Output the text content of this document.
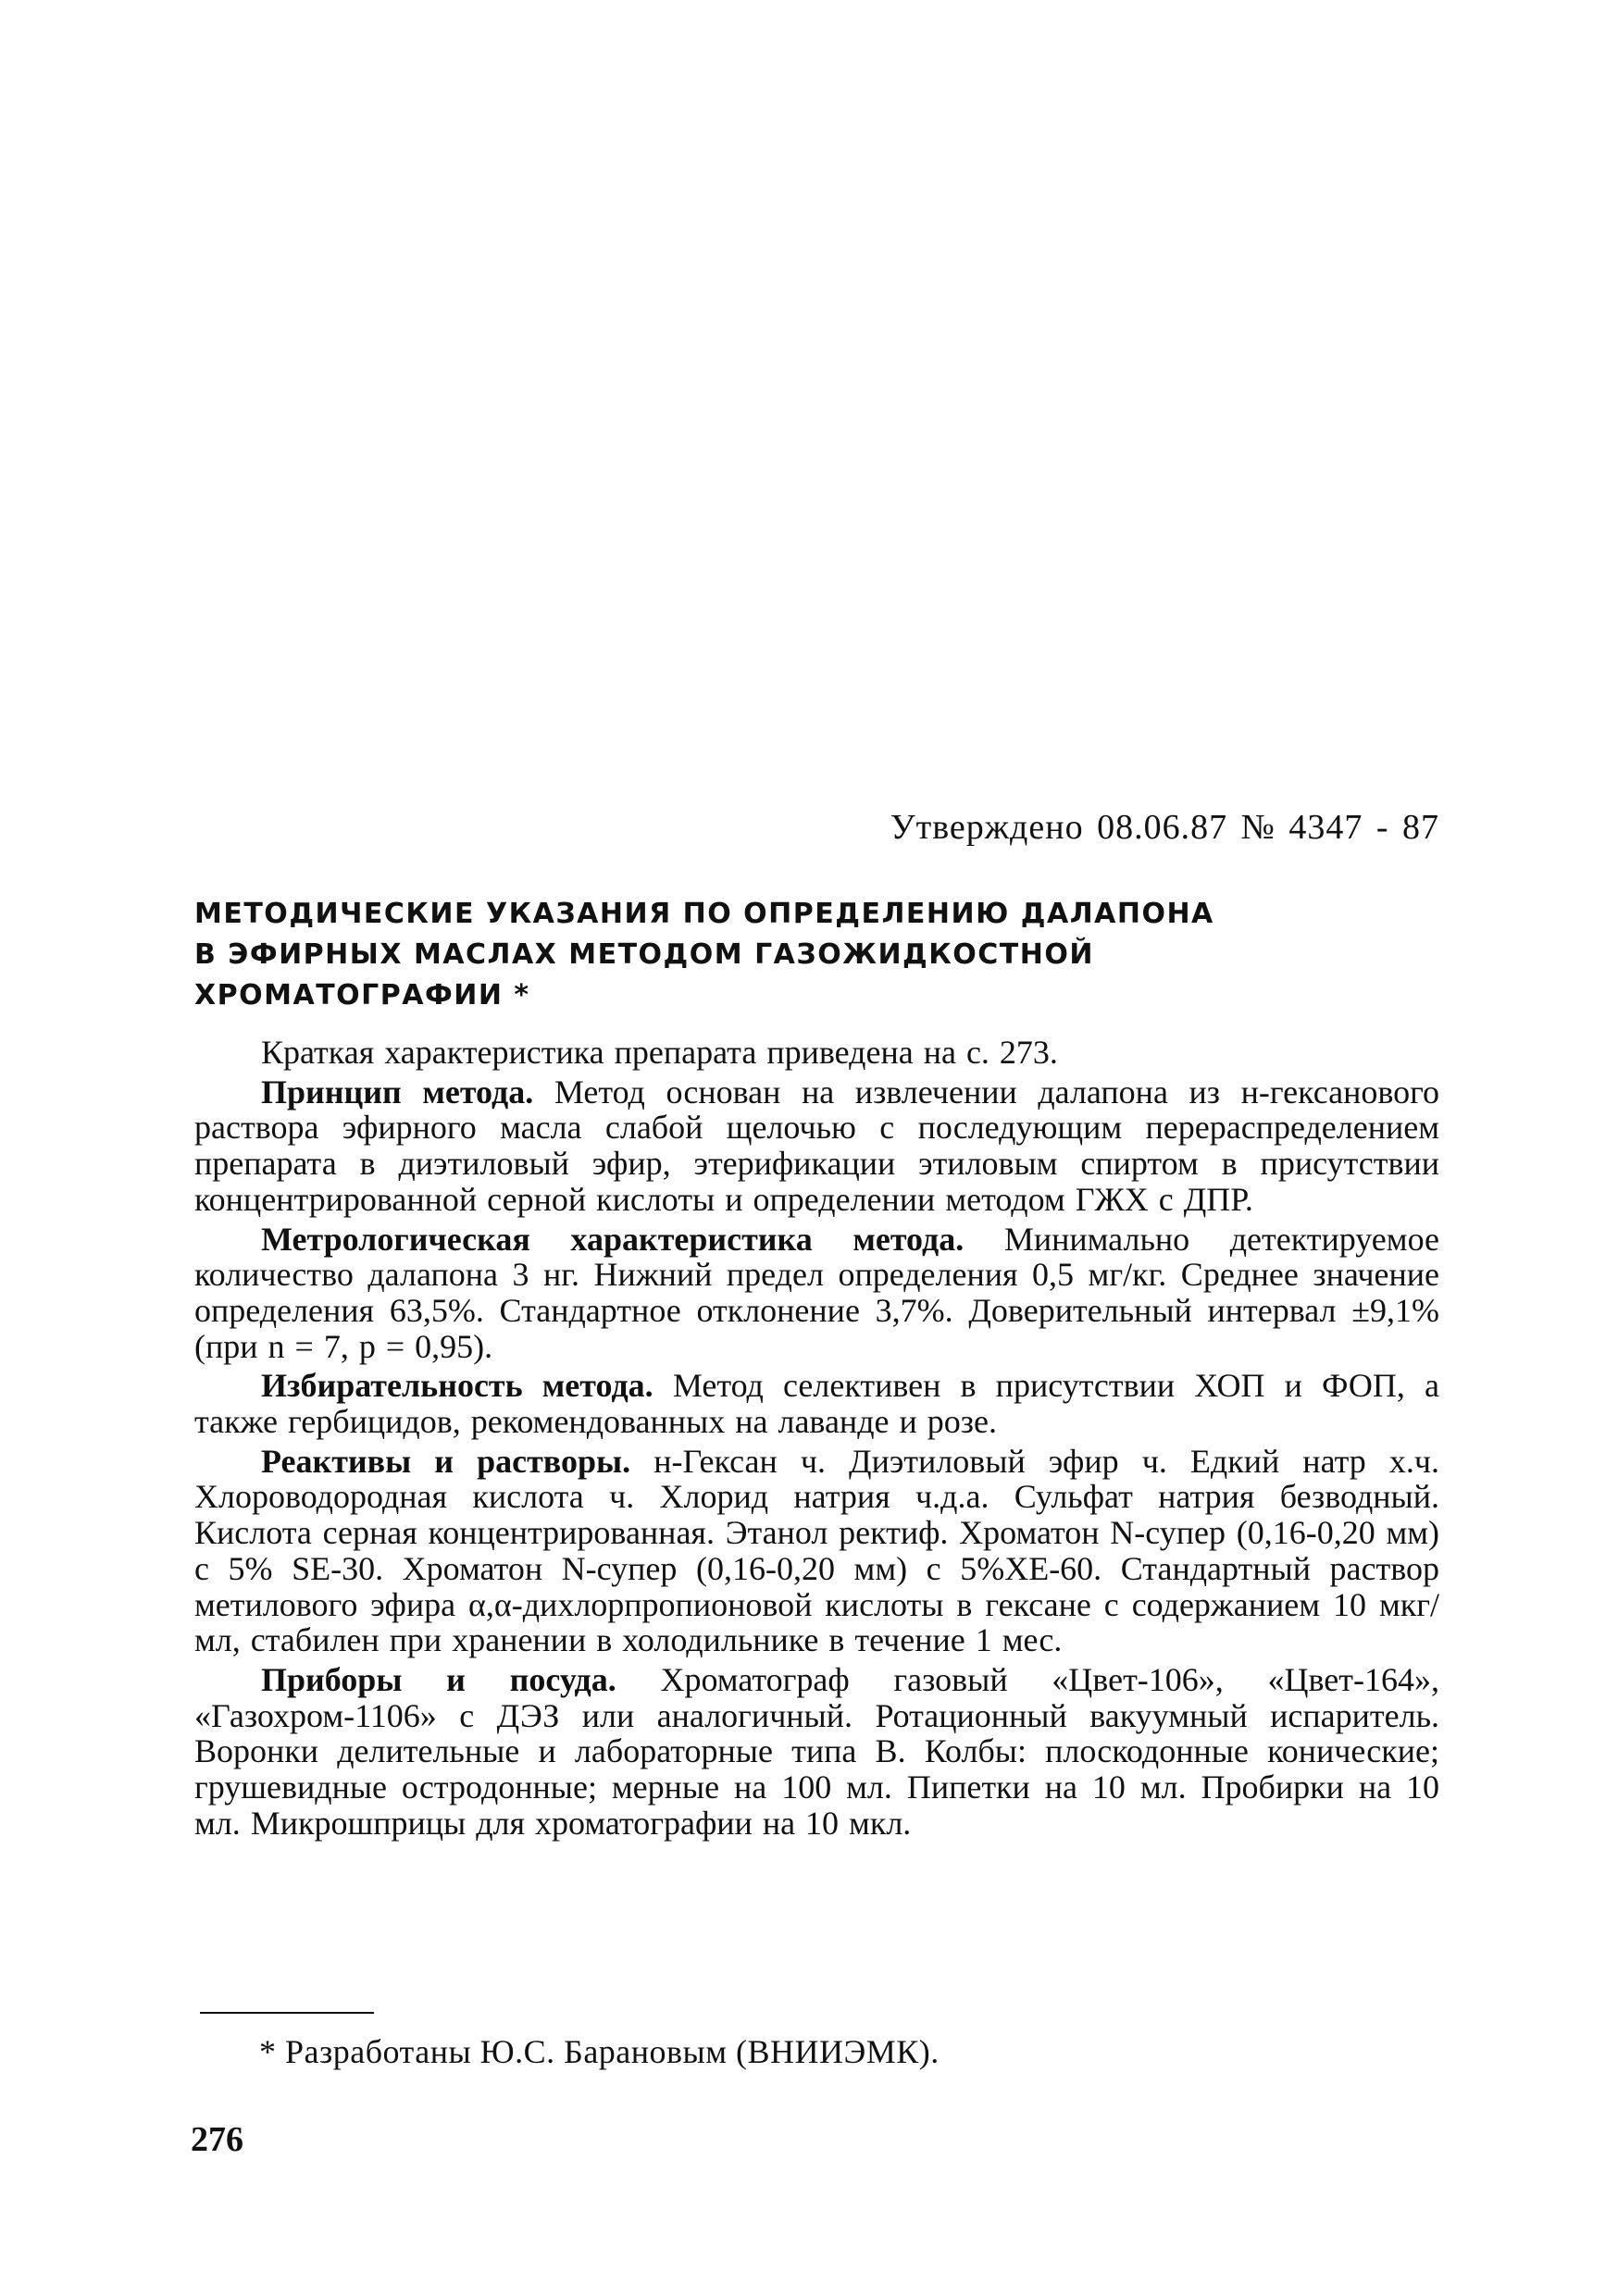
Утверждено 08.06.87 № 4347 - 87
МЕТОДИЧЕСКИЕ УКАЗАНИЯ ПО ОПРЕДЕЛЕНИЮ ДАЛАПОНА
В ЭФИРНЫХ МАСЛАХ МЕТОДОМ ГАЗОЖИДКОСТНОЙ
ХРОМАТОГРАФИИ *

Краткая характеристика препарата приведена на с. 273.

Принцип метода. Метод основан на извлечении далапона из н-гексанового раствора эфирного масла слабой щелочью с последующим перераспределением препарата в диэтиловый эфир, этерификации этиловым спиртом в присутствии концентрированной серной кислоты и определении методом ГЖХ с ДПР.

Метрологическая характеристика метода. Минимально детектируемое количество далапона 3 нг. Нижний предел определения 0,5 мг/кг. Среднее значение определения 63,5%. Стандартное отклонение 3,7%. Доверительный интервал ±9,1% (при n = 7, p = 0,95).

Избирательность метода. Метод селективен в присутствии ХОП и ФОП, а также гербицидов, рекомендованных на лаванде и розе.

Реактивы и растворы. н-Гексан ч. Диэтиловый эфир ч. Едкий натр х.ч. Хлороводородная кислота ч. Хлорид натрия ч.д.а. Сульфат натрия безводный. Кислота серная концентрированная. Этанол ректиф. Хроматон N-супер (0,16-0,20 мм) с 5% SE-30. Хроматон N-супер (0,16-0,20 мм) с 5%XE-60. Стандартный раствор метилового эфира α,α-дихлорпропионовой кислоты в гексане с содержанием 10 мкг/мл, стабилен при хранении в холодильнике в течение 1 мес.

Приборы и посуда. Хроматограф газовый «Цвет-106», «Цвет-164», «Газохром-1106» с ДЭЗ или аналогичный. Ротационный вакуумный испаритель. Воронки делительные и лабораторные типа В. Колбы: плоскодонные конические; грушевидные остродонные; мерные на 100 мл. Пипетки на 10 мл. Пробирки на 10 мл. Микрошприцы для хроматографии на 10 мкл.

* Разработаны Ю.С. Барановым (ВНИИЭМК).
276
